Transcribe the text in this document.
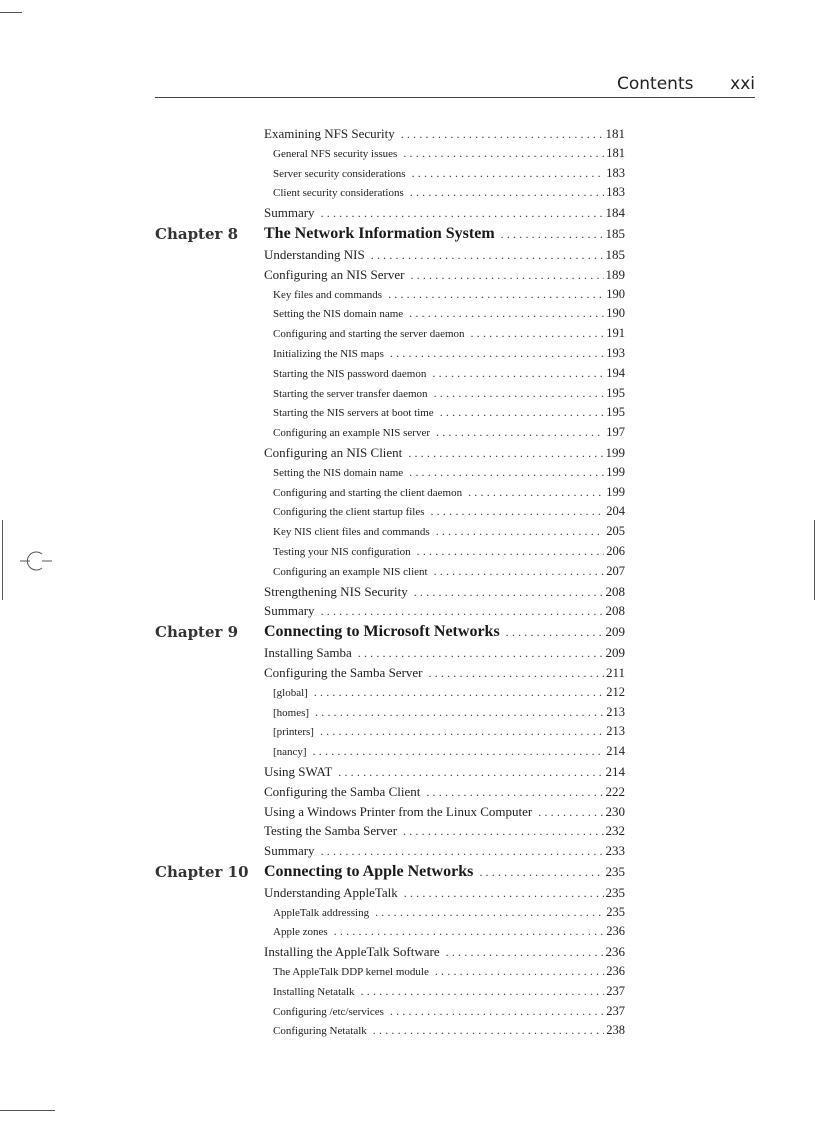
Contents xxi
Examining NFS Security .....	181
General NFS security issues .....	181
Server security considerations .....	183
Client security considerations .....	183
Summary .....	184
Chapter 8 The Network Information System .....	185
Understanding NIS .....	185
Configuring an NIS Server .....	189
Key files and commands .....	190
Setting the NIS domain name .....	190
Configuring and starting the server daemon .....	191
Initializing the NIS maps .....	193
Starting the NIS password daemon .....	194
Starting the server transfer daemon .....	195
Starting the NIS servers at boot time .....	195
Configuring an example NIS server .....	197
Configuring an NIS Client .....	199
Setting the NIS domain name .....	199
Configuring and starting the client daemon .....	199
Configuring the client startup files .....	204
Key NIS client files and commands .....	205
Testing your NIS configuration .....	206
Configuring an example NIS client .....	207
Strengthening NIS Security .....	208
Summary .....	208
Chapter 9 Connecting to Microsoft Networks .....	209
Installing Samba .....	209
Configuring the Samba Server .....	211
[global] .....	212
[homes] .....	213
[printers] .....	213
[nancy] .....	214
Using SWAT .....	214
Configuring the Samba Client .....	222
Using a Windows Printer from the Linux Computer .....	230
Testing the Samba Server .....	232
Summary .....	233
Chapter 10 Connecting to Apple Networks .....	235
Understanding AppleTalk .....	235
AppleTalk addressing .....	235
Apple zones .....	236
Installing the AppleTalk Software .....	236
The AppleTalk DDP kernel module .....	236
Installing Netatalk .....	237
Configuring /etc/services .....	237
Configuring Netatalk .....	238
